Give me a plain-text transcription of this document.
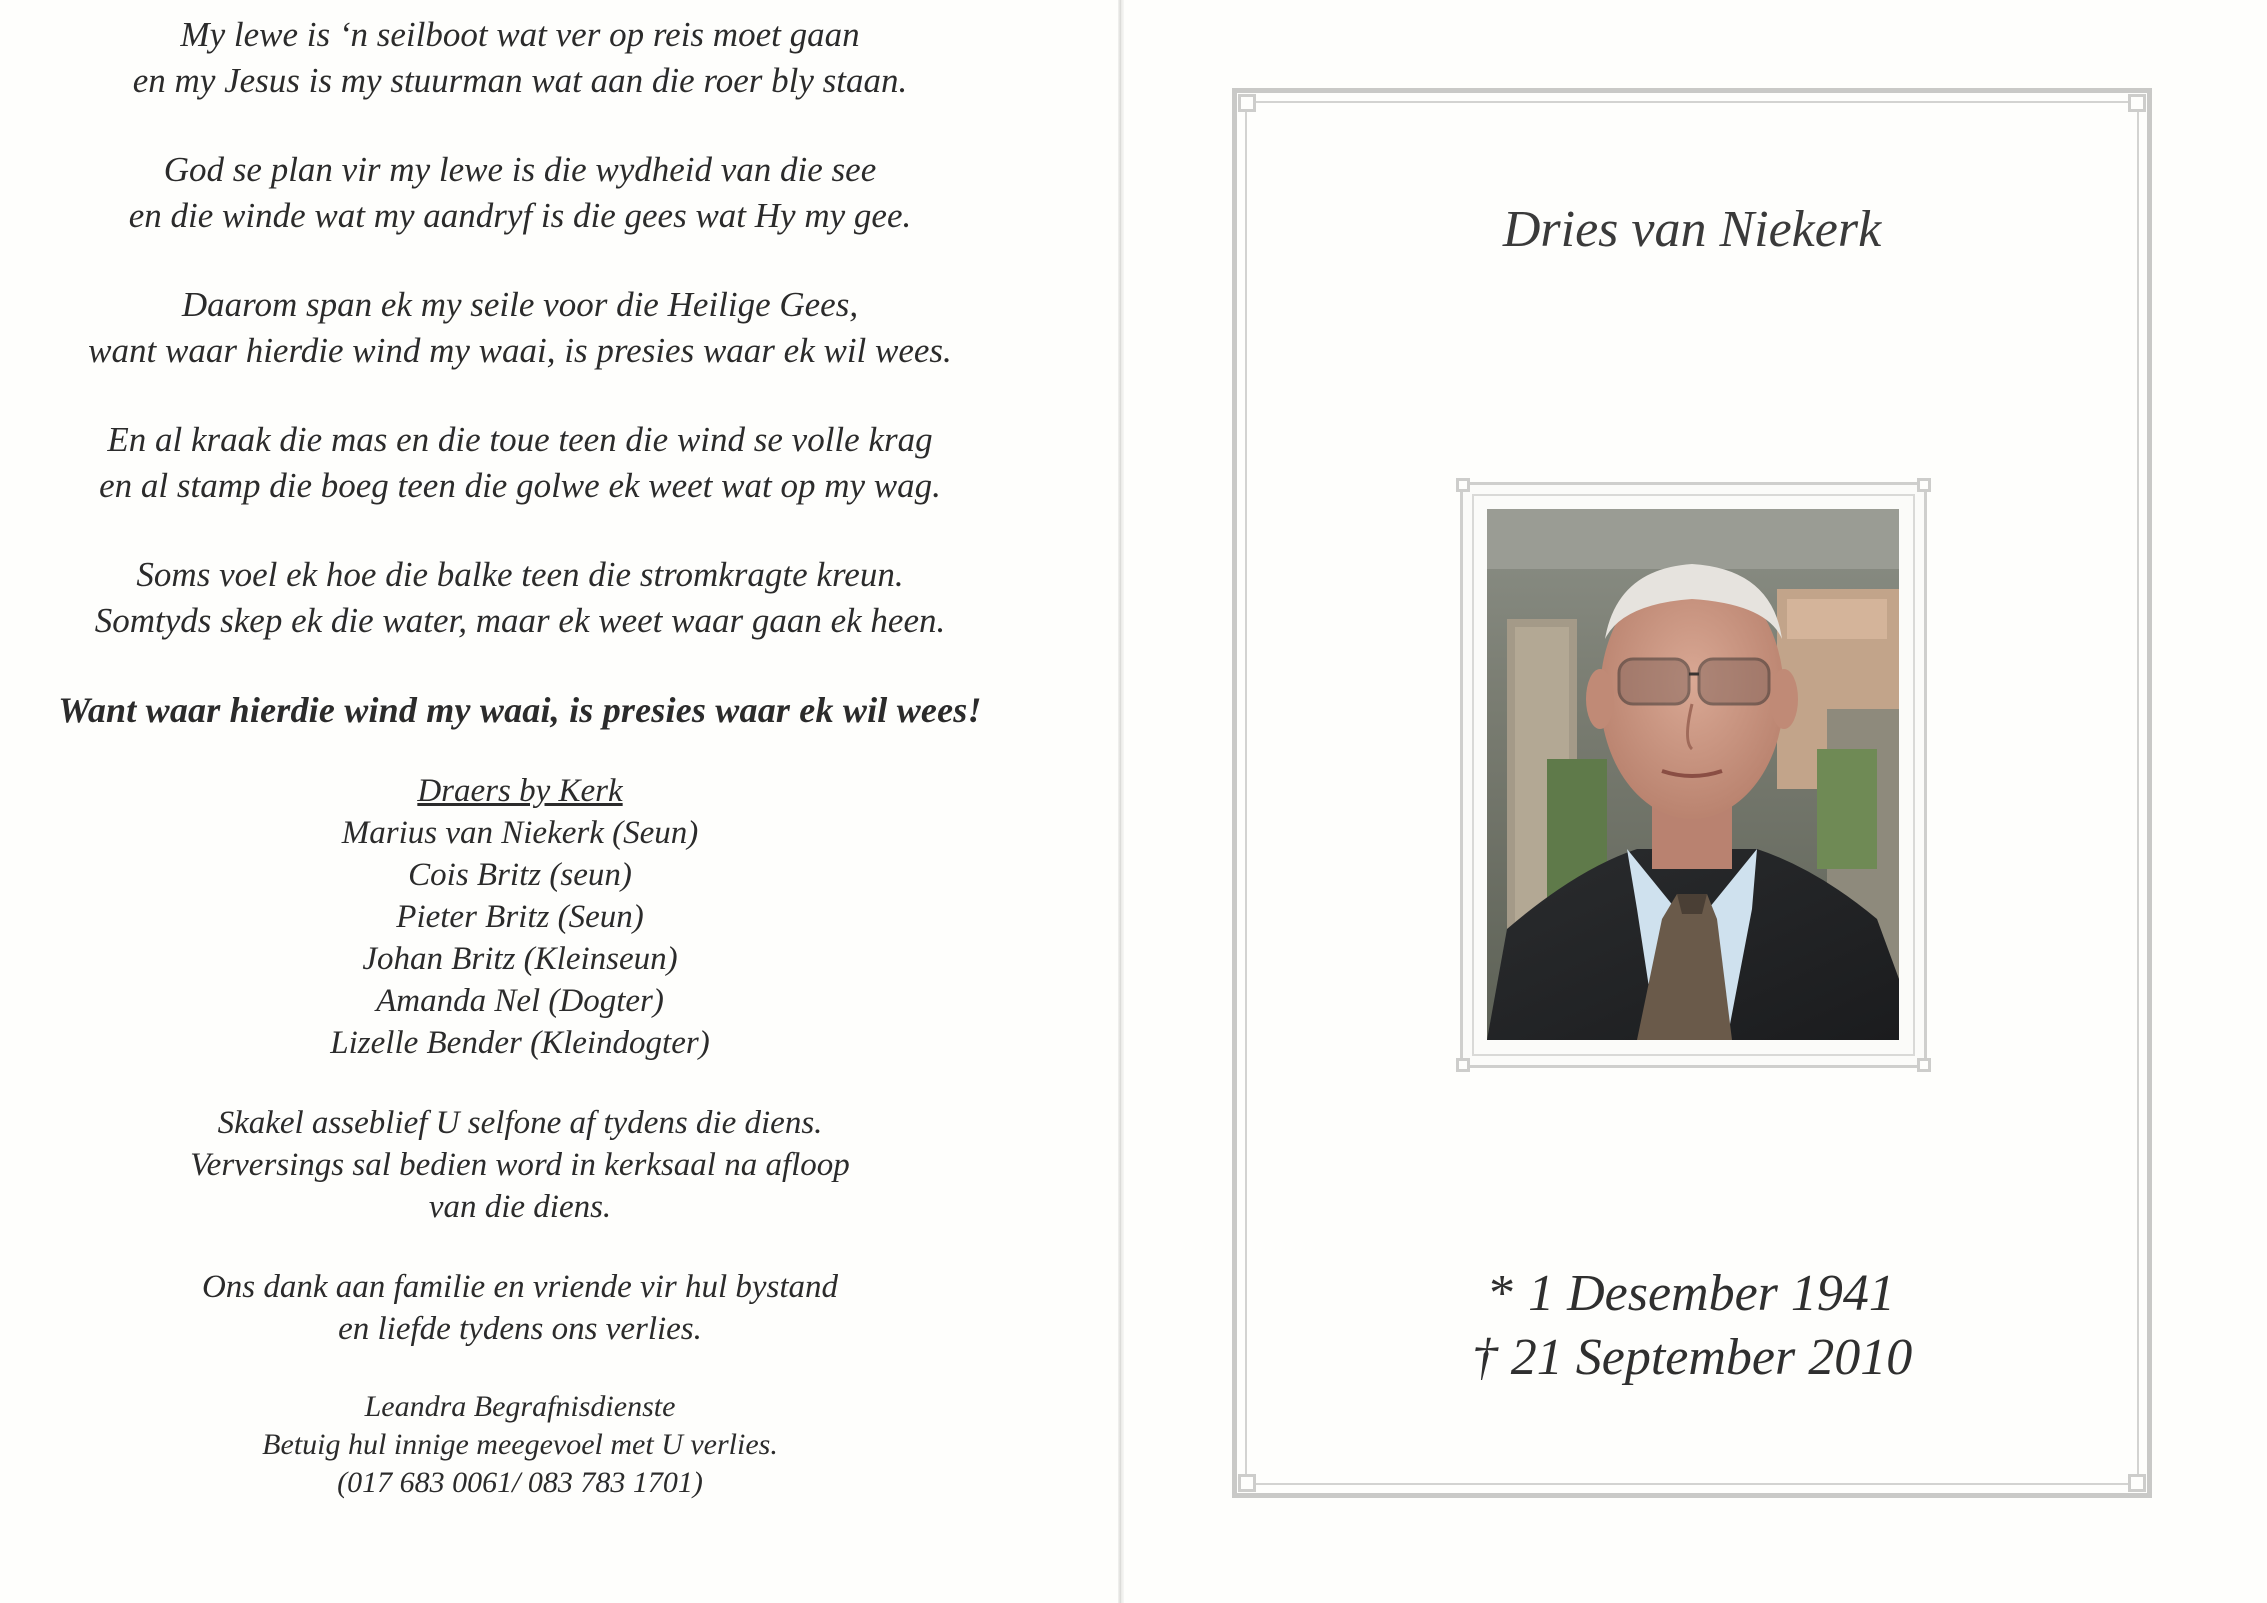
My lewe is ‘n seilboot wat ver op reis moet gaan

en my Jesus is my stuurman wat aan die roer bly staan.

God se plan vir my lewe is die wydheid van die see

en die winde wat my aandryf is die gees wat Hy my gee.

Daarom span ek my seile voor die Heilige Gees,

want waar hierdie wind my waai, is presies waar ek wil wees.

En al kraak die mas en die toue teen die wind se volle krag

en al stamp die boeg teen die golwe ek weet wat op my wag.

Soms voel ek hoe die balke teen die stromkragte kreun.

Somtyds skep ek die water, maar ek weet waar gaan ek heen.

Want waar hierdie wind my waai, is presies waar ek wil wees!

Draers by Kerk

Marius van Niekerk (Seun)

Cois Britz (seun)

Pieter Britz (Seun)

Johan Britz (Kleinseun)

Amanda Nel (Dogter)

Lizelle Bender (Kleindogter)

Skakel asseblief U selfone af tydens die diens.

Verversings sal bedien word in kerksaal na afloop

van die diens.

Ons dank aan familie en vriende vir hul bystand

en liefde tydens ons verlies.

Leandra Begrafnisdienste

Betuig hul innige meegevoel met U verlies.

(017 683 0061/ 083 783 1701)

Dries van Niekerk

* 1 Desember 1941

† 21 September 2010
